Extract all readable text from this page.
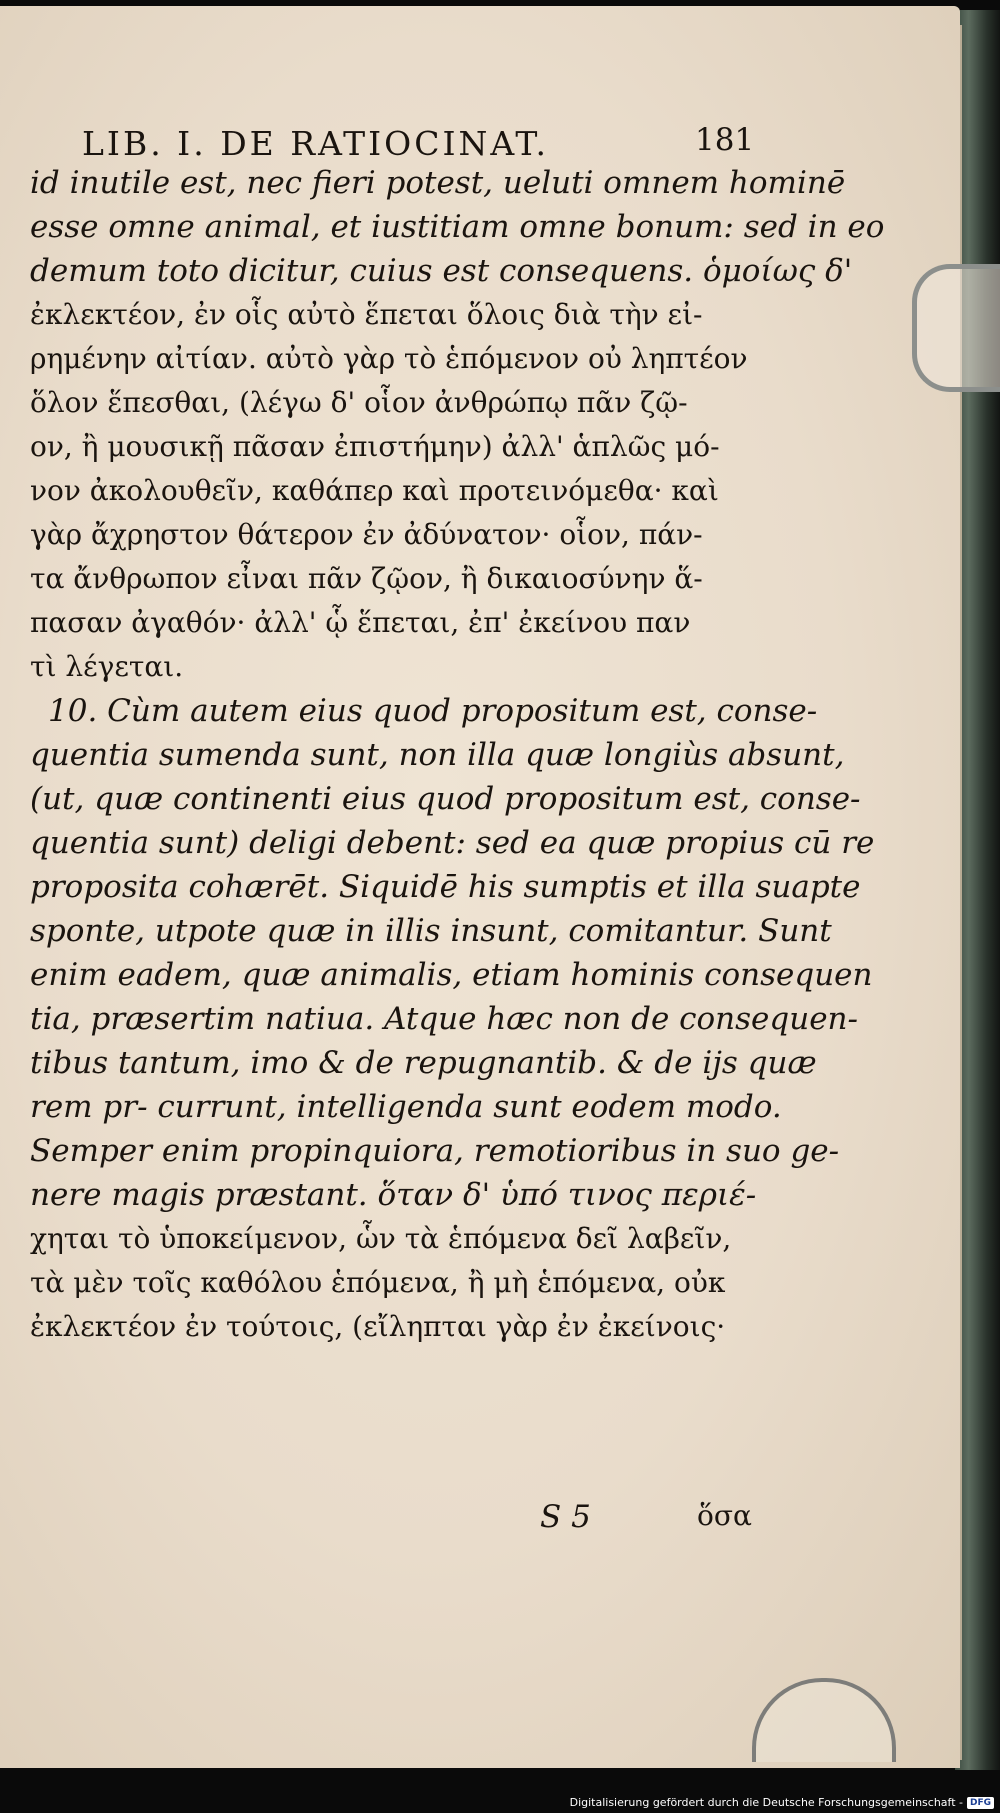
LIB. I. DE RATIOCINAT.	181
id inutile est, nec fieri potest, ueluti omnem hominē
esse omne animal, et iustitiam omne bonum: sed in eo
demum toto dicitur, cuius est consequens. ὁμοίως δ'
ἐκλεκτέον, ἐν οἷς αὐτὸ ἕπεται ὅλοις διὰ τὴν εἰ-
ρημένην αἰτίαν. αὐτὸ γὰρ τὸ ἑπόμενον οὐ ληπτέον
ὅλον ἕπεσθαι, (λέγω δ' οἷον ἀνθρώπῳ πᾶν ζῷ-
ον, ἢ μουσικῇ πᾶσαν ἐπιστήμην) ἀλλ' ἁπλῶς μό-
νον ἀκολουθεῖν, καθάπερ καὶ προτεινόμεθα· καὶ
γὰρ ἄχρηστον θάτερον ἐν ἀδύνατον· οἷον, πάν-
τα ἄνθρωπον εἶναι πᾶν ζῷον, ἢ δικαιοσύνην ἅ-
πασαν ἀγαθόν· ἀλλ' ᾧ ἕπεται, ἐπ' ἐκείνου παν
τὶ λέγεται.
10. Cùm autem eius quod propositum est, conse-
quentia sumenda sunt, non illa quæ longiùs absunt,
(ut, quæ continenti eius quod propositum est, conse-
quentia sunt) deligi debent: sed ea quæ propius cū re
proposita cohærēt. Siquidē his sumptis et illa suapte
sponte, utpote quæ in illis insunt, comitantur. Sunt
enim eadem, quæ animalis, etiam hominis consequen
tia, præsertim natiua. Atque hæc non de consequen-
tibus tantum, imo & de repugnantib. & de ijs quæ
rem pr- currunt, intelligenda sunt eodem modo.
Semper enim propinquiora, remotioribus in suo ge-
nere magis præstant. ὅταν δ' ὑπό τινος περιέ-
χηται τὸ ὑποκείμενον, ὧν τὰ ἑπόμενα δεῖ λαβεῖν,
τὰ μὲν τοῖς καθόλου ἑπόμενα, ἢ μὴ ἑπόμενα, οὐκ
ἐκλεκτέον ἐν τούτοις, (εἴληπται γὰρ ἐν ἐκείνοις·
S 5	ὅσα
Digitalisierung gefördert durch die Deutsche Forschungsgemeinschaft - DFG
